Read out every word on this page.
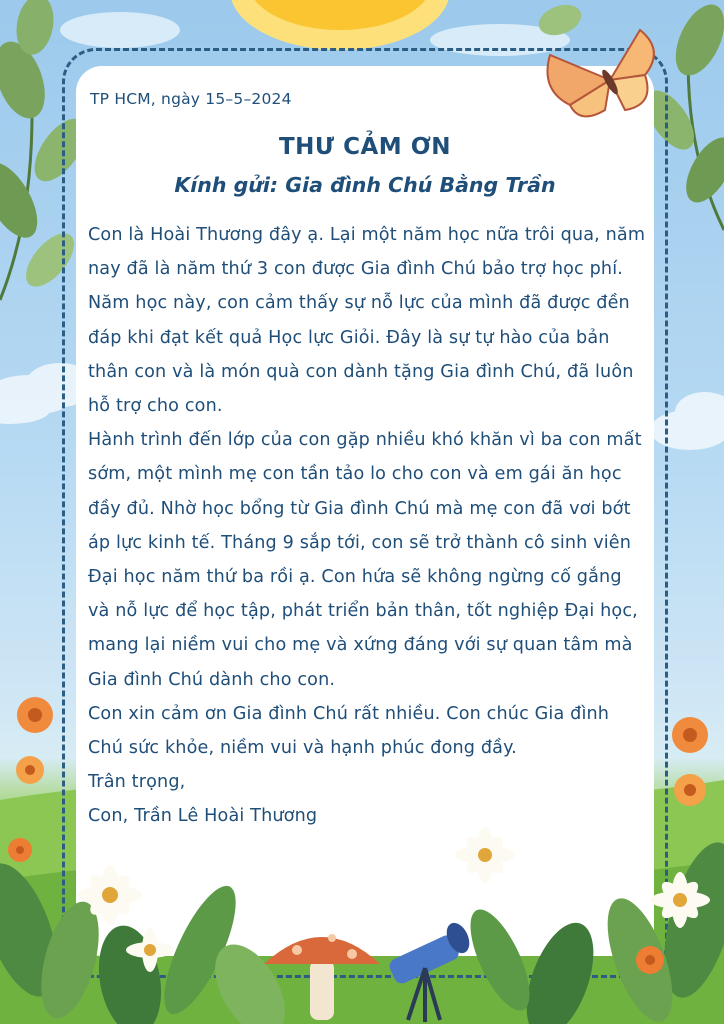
TP HCM, ngày 15–5–2024
THƯ CẢM ƠN
Kính gửi: Gia đình Chú Bằng Trần

Con là Hoài Thương đây ạ. Lại một năm học nữa trôi qua, năm nay đã là năm thứ 3 con được Gia đình Chú bảo trợ học phí. Năm học này, con cảm thấy sự nỗ lực của mình đã được đền đáp khi đạt kết quả Học lực Giỏi. Đây là sự tự hào của bản thân con và là món quà con dành tặng Gia đình Chú, đã luôn hỗ trợ cho con.

Hành trình đến lớp của con gặp nhiều khó khăn vì ba con mất sớm, một mình mẹ con tần tảo lo cho con và em gái ăn học đầy đủ. Nhờ học bổng từ Gia đình Chú mà mẹ con đã vơi bớt áp lực kinh tế. Tháng 9 sắp tới, con sẽ trở thành cô sinh viên Đại học năm thứ ba rồi ạ. Con hứa sẽ không ngừng cố gắng và nỗ lực để học tập, phát triển bản thân, tốt nghiệp Đại học, mang lại niềm vui cho mẹ và xứng đáng với sự quan tâm mà Gia đình Chú dành cho con.

Con xin cảm ơn Gia đình Chú rất nhiều. Con chúc Gia đình Chú sức khỏe, niềm vui và hạnh phúc đong đầy.

Trân trọng,

Con, Trần Lê Hoài Thương
